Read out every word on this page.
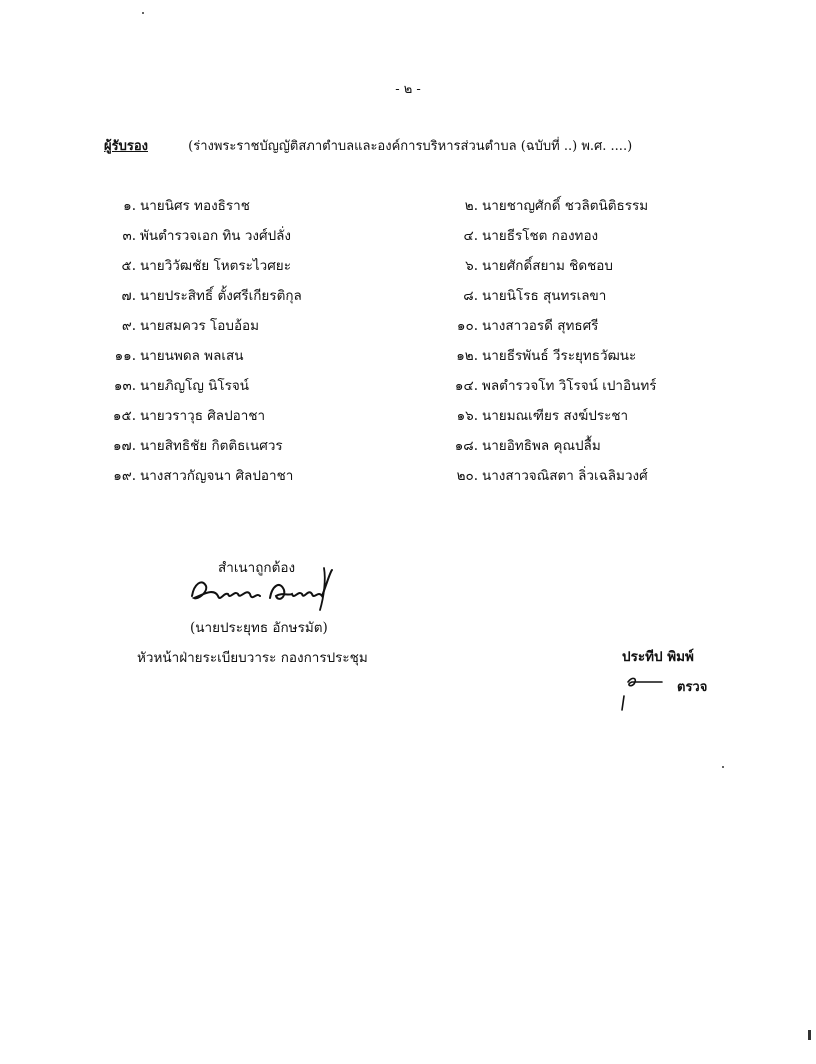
- ๒ -
ผู้รับรอง	(ร่างพระราชบัญญัติสภาตำบลและองค์การบริหารส่วนตำบล (ฉบับที่ ..) พ.ศ. ....)
๑. นายนิศร ทองธิราช
๓. พันตำรวจเอก ทิน วงศ์ปลั่ง
๕. นายวิวัฒชัย โหตระไวศยะ
๗. นายประสิทธิ์ ตั้งศรีเกียรติกุล
๙. นายสมควร โอบอ้อม
๑๑. นายนพดล พลเสน
๑๓. นายภิญโญ นิโรจน์
๑๕. นายวราวุธ ศิลปอาชา
๑๗. นายสิทธิชัย กิตติธเนศวร
๑๙. นางสาวกัญจนา ศิลปอาชา
๒. นายชาญศักดิ์ ชวลิตนิติธรรม
๔. นายธีรโชต กองทอง
๖. นายศักดิ์สยาม ชิดชอบ
๘. นายนิโรธ สุนทรเลขา
๑๐. นางสาวอรดี สุทธศรี
๑๒. นายธีรพันธ์ วีระยุทธวัฒนะ
๑๔. พลตำรวจโท วิโรจน์ เปาอินทร์
๑๖. นายมณเฑียร สงฆ์ประชา
๑๘. นายอิทธิพล คุณปลื้ม
๒๐. นางสาวจณิสตา ลิ่วเฉลิมวงศ์
สำเนาถูกต้อง
(นายประยุทธ อักษรมัต)
หัวหน้าฝ่ายระเบียบวาระ กองการประชุม	ประทีป พิมพ์
ตรวจ
